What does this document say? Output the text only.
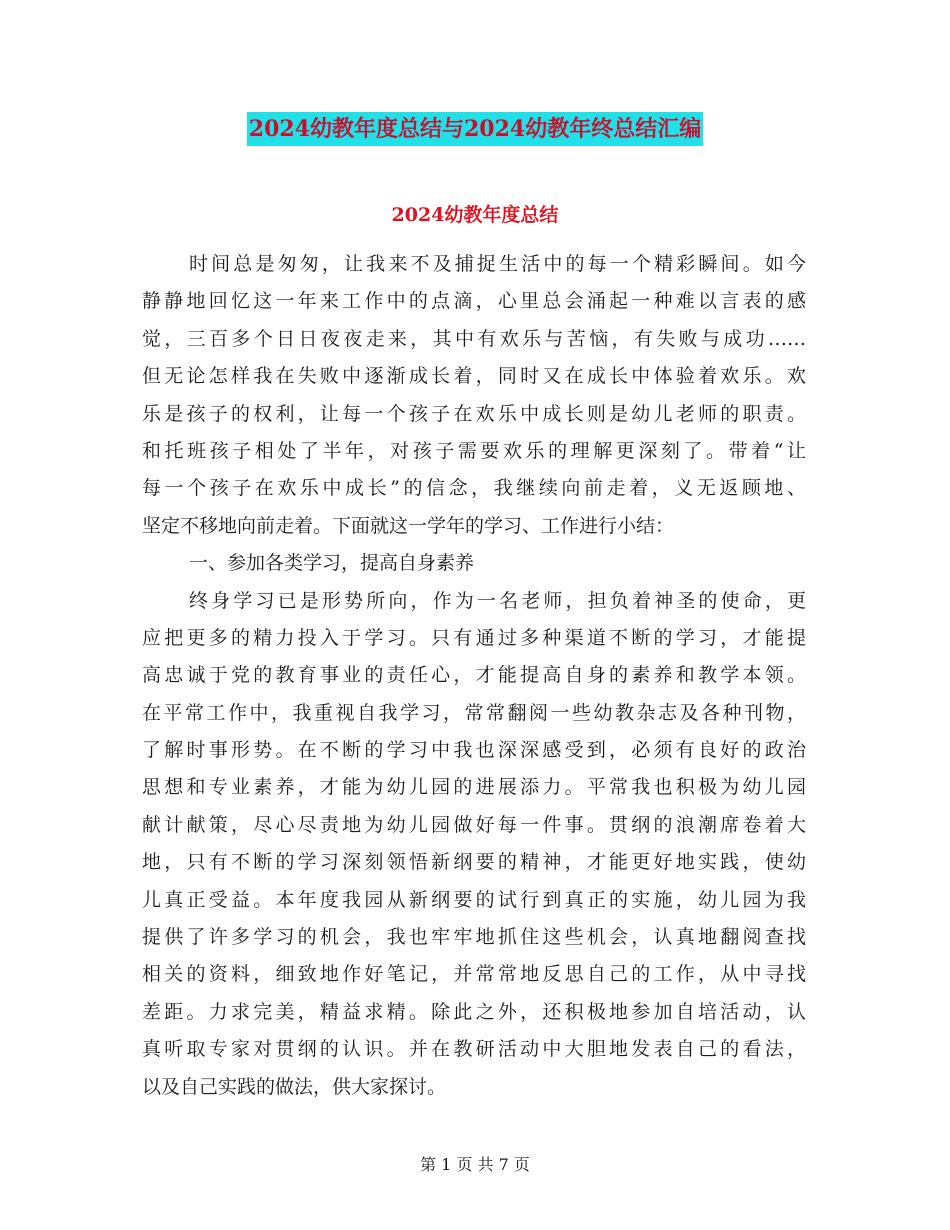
2024幼教年度总结与2024幼教年终总结汇编
2024幼教年度总结
时间总是匆匆，让我来不及捕捉生活中的每一个精彩瞬间。如今
静静地回忆这一年来工作中的点滴，心里总会涌起一种难以言表的感
觉，三百多个日日夜夜走来，其中有欢乐与苦恼，有失败与成功……
但无论怎样我在失败中逐渐成长着，同时又在成长中体验着欢乐。欢
乐是孩子的权利，让每一个孩子在欢乐中成长则是幼儿老师的职责。
和托班孩子相处了半年，对孩子需要欢乐的理解更深刻了。带着“让
每一个孩子在欢乐中成长”的信念，我继续向前走着，义无返顾地、
坚定不移地向前走着。下面就这一学年的学习、工作进行小结：
一、参加各类学习，提高自身素养
终身学习已是形势所向，作为一名老师，担负着神圣的使命，更
应把更多的精力投入于学习。只有通过多种渠道不断的学习，才能提
高忠诚于党的教育事业的责任心，才能提高自身的素养和教学本领。
在平常工作中，我重视自我学习，常常翻阅一些幼教杂志及各种刊物，
了解时事形势。在不断的学习中我也深深感受到，必须有良好的政治
思想和专业素养，才能为幼儿园的进展添力。平常我也积极为幼儿园
献计献策，尽心尽责地为幼儿园做好每一件事。贯纲的浪潮席卷着大
地，只有不断的学习深刻领悟新纲要的精神，才能更好地实践，使幼
儿真正受益。本年度我园从新纲要的试行到真正的实施，幼儿园为我
提供了许多学习的机会，我也牢牢地抓住这些机会，认真地翻阅查找
相关的资料，细致地作好笔记，并常常地反思自己的工作，从中寻找
差距。力求完美，精益求精。除此之外，还积极地参加自培活动，认
真听取专家对贯纲的认识。并在教研活动中大胆地发表自己的看法，
以及自己实践的做法，供大家探讨。
第 1 页 共 7 页
